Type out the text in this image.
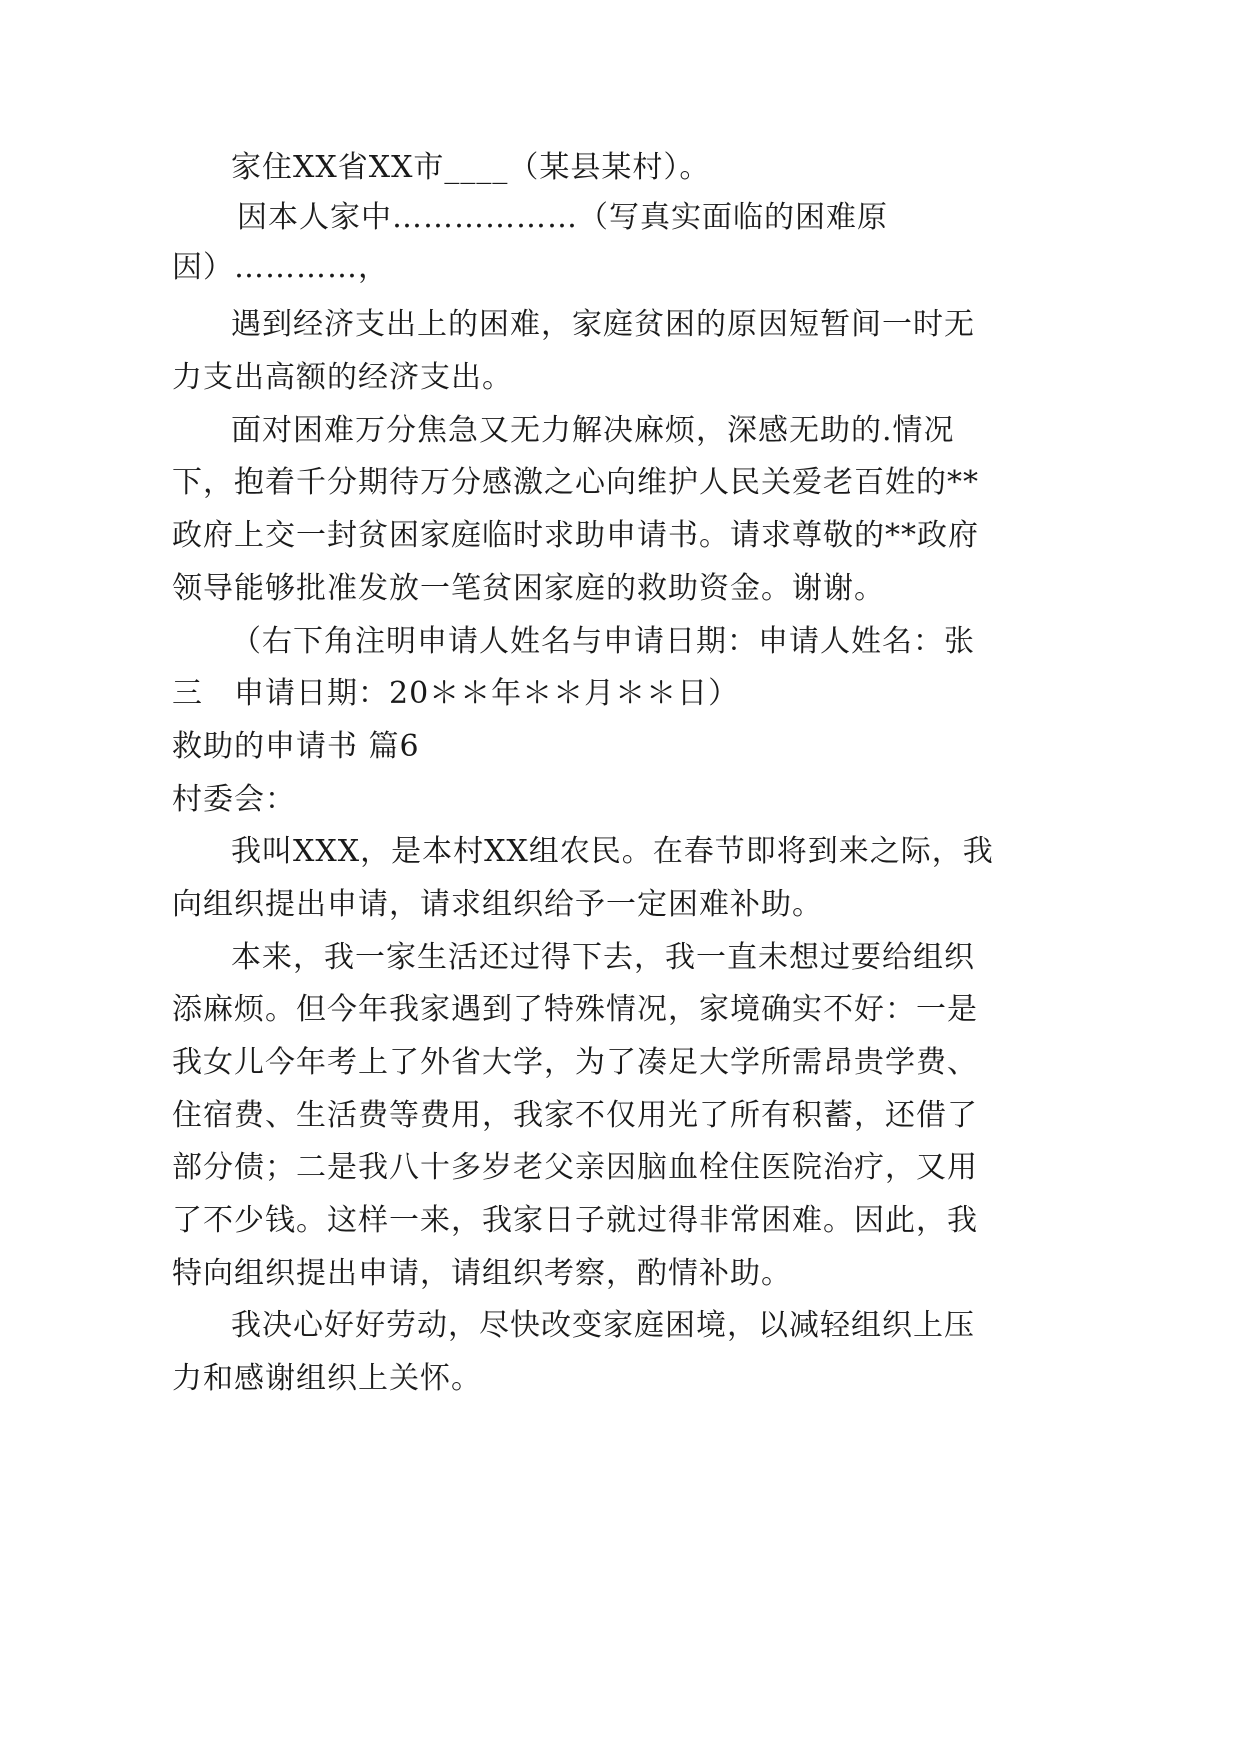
家住XX省XX市____（某县某村）。
因本人家中………………（写真实面临的困难原
因）…………，
遇到经济支出上的困难，家庭贫困的原因短暂间一时无
力支出高额的经济支出。
面对困难万分焦急又无力解决麻烦，深感无助的.情况
下，抱着千分期待万分感激之心向维护人民关爱老百姓的**
政府上交一封贫困家庭临时求助申请书。请求尊敬的**政府
领导能够批准发放一笔贫困家庭的救助资金。谢谢。
（右下角注明申请人姓名与申请日期：申请人姓名：张
三　申请日期：20＊＊年＊＊月＊＊日）
救助的申请书 篇6
村委会：
我叫XXX，是本村XX组农民。在春节即将到来之际，我
向组织提出申请，请求组织给予一定困难补助。
本来，我一家生活还过得下去，我一直未想过要给组织
添麻烦。但今年我家遇到了特殊情况，家境确实不好：一是
我女儿今年考上了外省大学，为了凑足大学所需昂贵学费、
住宿费、生活费等费用，我家不仅用光了所有积蓄，还借了
部分债；二是我八十多岁老父亲因脑血栓住医院治疗，又用
了不少钱。这样一来，我家日子就过得非常困难。因此，我
特向组织提出申请，请组织考察，酌情补助。
我决心好好劳动，尽快改变家庭困境，以减轻组织上压
力和感谢组织上关怀。
